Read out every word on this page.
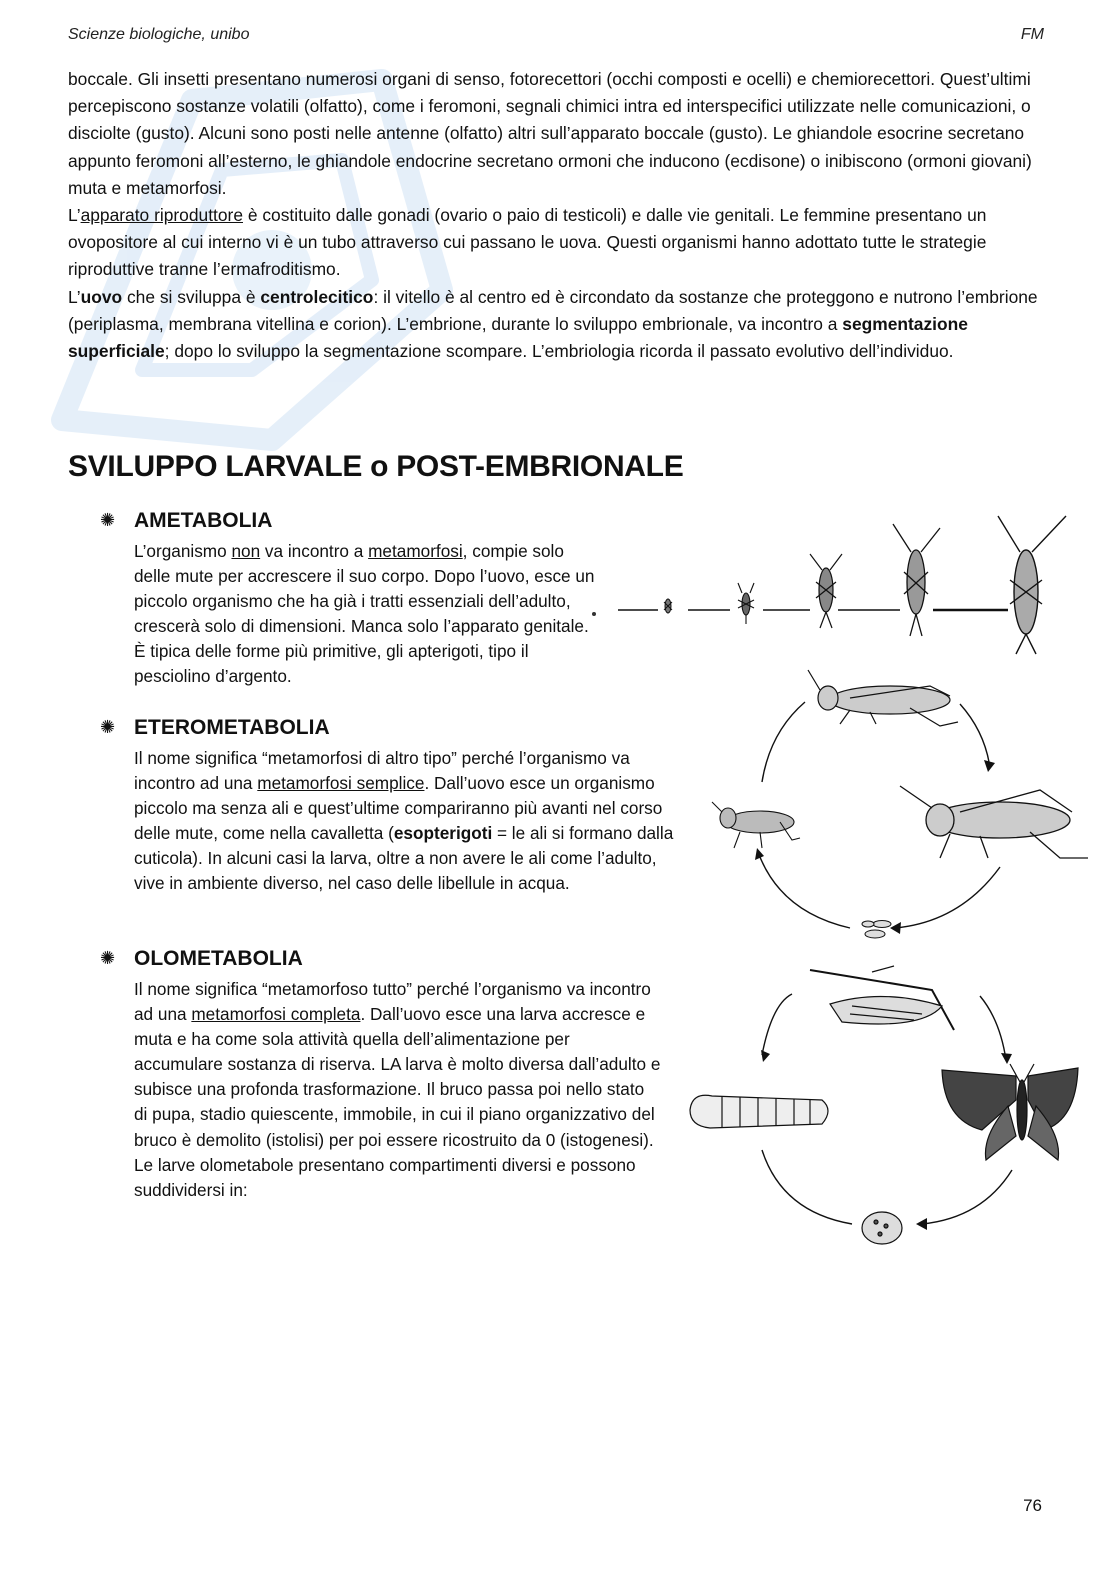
Scienze biologiche, unibo	FM

boccale. Gli insetti presentano numerosi organi di senso, fotorecettori (occhi composti e ocelli) e chemiorecettori. Quest’ultimi percepiscono sostanze volatili (olfatto), come i feromoni, segnali chimici intra ed interspecifici utilizzate nelle comunicazioni, o disciolte (gusto). Alcuni sono posti nelle antenne (olfatto) altri sull’apparato boccale (gusto). Le ghiandole esocrine secretano appunto feromoni all’esterno, le ghiandole endocrine secretano ormoni che inducono (ecdisone) o inibiscono (ormoni giovani) muta e metamorfosi.

L’apparato riproduttore è costituito dalle gonadi (ovario o paio di testicoli) e dalle vie genitali. Le femmine presentano un ovopositore al cui interno vi è un tubo attraverso cui passano le uova. Questi organismi hanno adottato tutte le strategie riproduttive tranne l’ermafroditismo.

L’uovo che si sviluppa è centrolecitico: il vitello è al centro ed è circondato da sostanze che proteggono e nutrono l’embrione (periplasma, membrana vitellina e corion). L’embrione, durante lo sviluppo embrionale, va incontro a segmentazione superficiale; dopo lo sviluppo la segmentazione scompare. L’embriologia ricorda il passato evolutivo dell’individuo.

SVILUPPO LARVALE o POST-EMBRIONALE
✺ AMETABOLIA

L’organismo non va incontro a metamorfosi, compie solo delle mute per accrescere il suo corpo. Dopo l’uovo, esce un piccolo organismo che ha già i tratti essenziali dell’adulto, crescerà solo di dimensioni. Manca solo l’apparato genitale. È tipica delle forme più primitive, gli apterigoti, tipo il pesciolino d’argento.

✺ ETEROMETABOLIA

Il nome significa “metamorfosi di altro tipo” perché l’organismo va incontro ad una metamorfosi semplice. Dall’uovo esce un organismo piccolo ma senza ali e quest’ultime compariranno più avanti nel corso delle mute, come nella cavalletta (esopterigoti = le ali si formano dalla cuticola). In alcuni casi la larva, oltre a non avere le ali come l’adulto, vive in ambiente diverso, nel caso delle libellule in acqua.

✺ OLOMETABOLIA

Il nome significa “metamorfoso tutto” perché l’organismo va incontro ad una metamorfosi completa. Dall’uovo esce una larva accresce e muta e ha come sola attività quella dell’alimentazione per accumulare sostanza di riserva. LA larva è molto diversa dall’adulto e subisce una profonda trasformazione. Il bruco passa poi nello stato di pupa, stadio quiescente, immobile, in cui il piano organizzativo del bruco è demolito (istolisi) per poi essere ricostruito da 0 (istogenesi). Le larve olometabole presentano compartimenti diversi e possono suddividersi in:

76
